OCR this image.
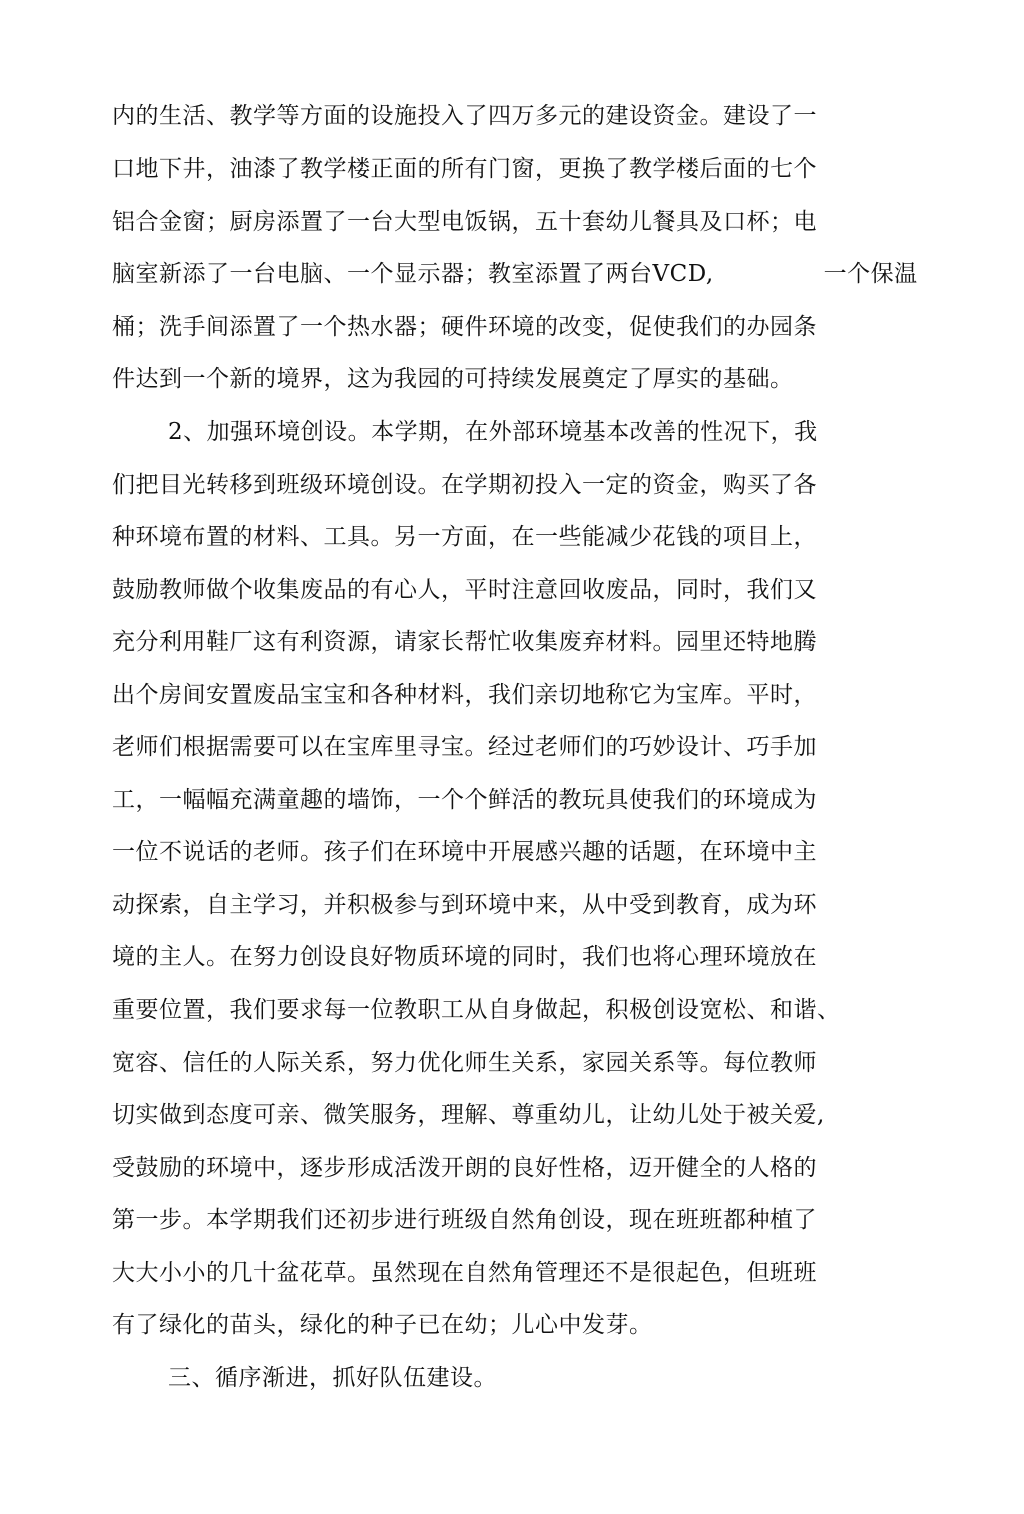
内的生活、教学等方面的设施投入了四万多元的建设资金。建设了一
口地下井，油漆了教学楼正面的所有门窗，更换了教学楼后面的七个
铝合金窗；厨房添置了一台大型电饭锅，五十套幼儿餐具及口杯；电
脑室新添了一台电脑、一个显示器；教室添置了两台VCD,	一个保温
桶；洗手间添置了一个热水器；硬件环境的改变，促使我们的办园条
件达到一个新的境界，这为我园的可持续发展奠定了厚实的基础。
2、加强环境创设。本学期，在外部环境基本改善的性况下，我
们把目光转移到班级环境创设。在学期初投入一定的资金，购买了各
种环境布置的材料、工具。另一方面，在一些能减少花钱的项目上，
鼓励教师做个收集废品的有心人，平时注意回收废品，同时，我们又
充分利用鞋厂这有利资源，请家长帮忙收集废弃材料。园里还特地腾
出个房间安置废品宝宝和各种材料，我们亲切地称它为宝库。平时，
老师们根据需要可以在宝库里寻宝。经过老师们的巧妙设计、巧手加
工，一幅幅充满童趣的墙饰，一个个鲜活的教玩具使我们的环境成为
一位不说话的老师。孩子们在环境中开展感兴趣的话题，在环境中主
动探索，自主学习，并积极参与到环境中来，从中受到教育，成为环
境的主人。在努力创设良好物质环境的同时，我们也将心理环境放在
重要位置，我们要求每一位教职工从自身做起，积极创设宽松、和谐、
宽容、信任的人际关系，努力优化师生关系，家园关系等。每位教师
切实做到态度可亲、微笑服务，理解、尊重幼儿，让幼儿处于被关爱,
受鼓励的环境中，逐步形成活泼开朗的良好性格，迈开健全的人格的
第一步。本学期我们还初步进行班级自然角创设，现在班班都种植了
大大小小的几十盆花草。虽然现在自然角管理还不是很起色，但班班
有了绿化的苗头，绿化的种子已在幼；儿心中发芽。
三、循序渐进，抓好队伍建设。
